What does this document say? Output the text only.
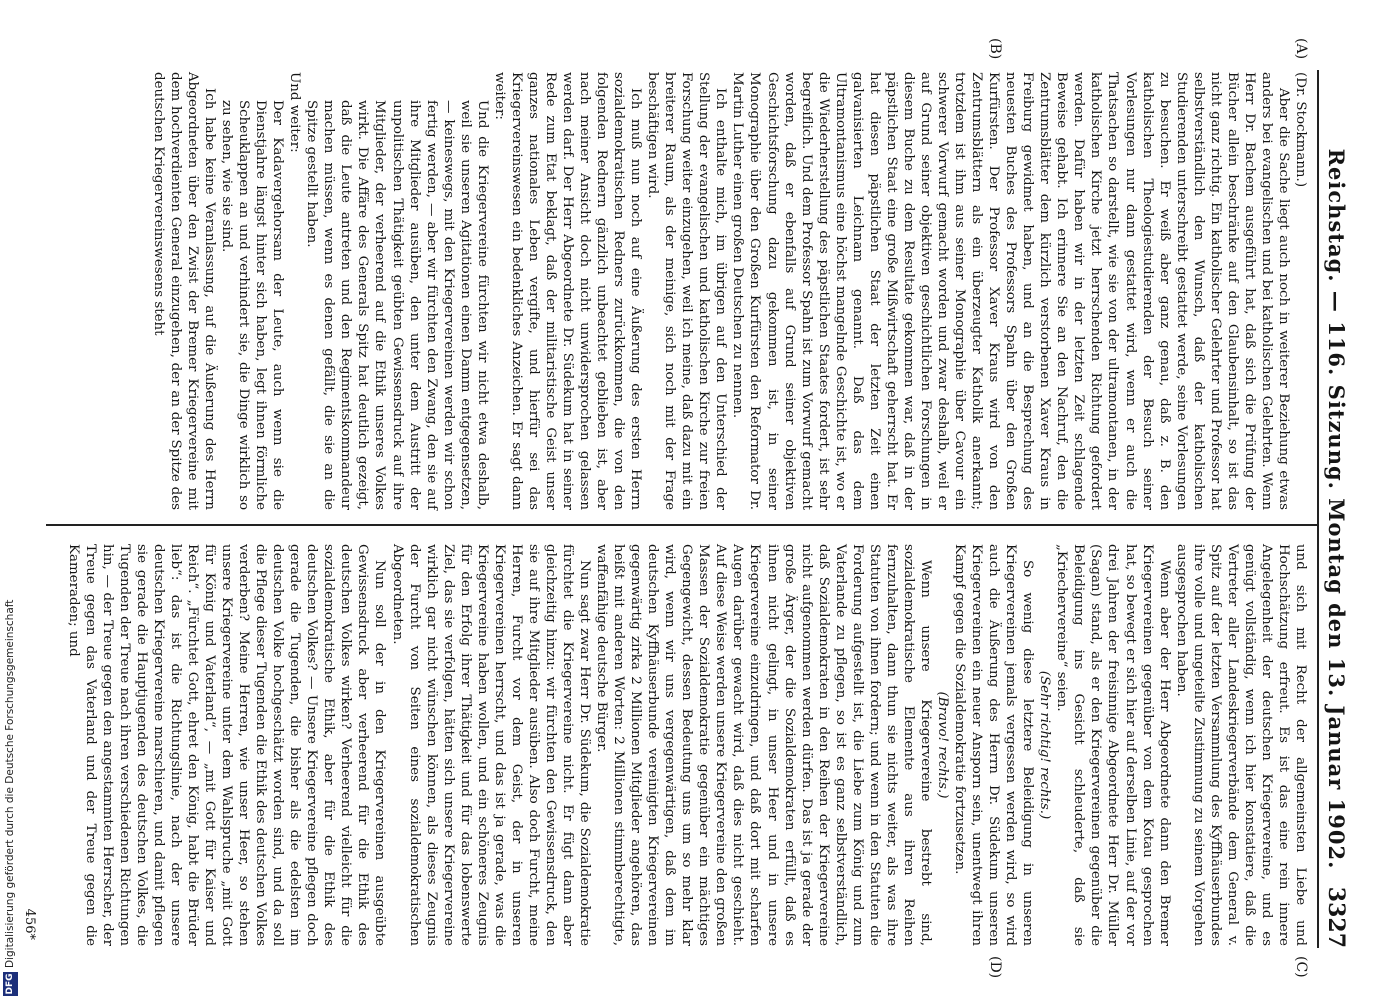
Reichstag. — 116. Sitzung. Montag den 13. Januar 1902.
3327
(A)
(B)
(C)
(D)

(Dr. Stockmann.)

Aber die Sache liegt auch noch in weiterer Beziehung etwas anders bei evangelischen und bei katholischen Gelehrten. Wenn Herr Dr. Bachem ausgeführt hat, daß sich die Prüfung der Bücher allein beschränke auf den Glaubensinhalt, so ist das nicht ganz richtig. Ein katholischer Gelehrter und Professor hat selbstverständlich den Wunsch, daß der katholischen Studierenden unterschreibt gestattet werde, seine Vorlesungen zu besuchen. Er weiß aber ganz genau, daß z. B. den katholischen Theologiestudierenden der Besuch seiner Vorlesungen nur dann gestattet wird, wenn er auch die Thatsachen so darstellt, wie sie von der ultramontanen, in der katholischen Kirche jetzt herrschenden Richtung gefordert werden. Dafür haben wir in der letzten Zeit schlagende Beweise gehabt. Ich erinnere Sie an den Nachruf, den die Zentrumsblätter dem kürzlich verstorbenen Xaver Kraus in Freiburg gewidmet haben, und an die Besprechung des neuesten Buches des Professors Spahn über den Großen Kurfürsten. Der Professor Xaver Kraus wird von den Zentrumsblättern als ein überzeugter Katholik anerkannt; trotzdem ist ihm aus seiner Monographie über Cavour ein schwerer Vorwurf gemacht worden und zwar deshalb, weil er auf Grund seiner objektiven geschichtlichen Forschungen in diesem Buche zu dem Resultate gekommen war, daß in der päpstlichen Staat eine große Mißwirtschaft geherrscht hat. Er hat diesen päpstlichen Staat der letzten Zeit einen galvanisierten Leichnam genannt. Daß das dem Ultramontanismus eine höchst mangelnde Geschichte ist, wo er die Wiederherstellung des päpstlichen Staates fordert, ist sehr begreiflich. Und dem Professor Spahn ist zum Vorwurf gemacht worden, daß er ebenfalls auf Grund seiner objektiven Geschichtsforschung dazu gekommen ist, in seiner Monographie über den Großen Kurfürsten den Reformator Dr. Martin Luther einen großen Deutschen zu nennen.

Ich enthalte mich, im übrigen auf den Unterschied der Stellung der evangelischen und katholischen Kirche zur freien Forschung weiter einzugehen, weil ich meine, daß dazu mit ein breiterer Raum, als der meinige, sich noch mit der Frage beschäftigen wird.

Ich muß nun noch auf eine Äußerung des ersten Herrn sozialdemokratischen Redners zurückkommen, die von den folgenden Rednern gänzlich unbeachtet geblieben ist, aber nach meiner Ansicht doch nicht unwidersprochen gelassen werden darf. Der Herr Abgeordnete Dr. Südekum hat in seiner Rede zum Etat beklagt, daß der militaristische Geist unser ganzes nationales Leben vergifte, und hierfür sei das Kriegervereinswesen ein bedenkliches Anzeichen. Er sagt dann weiter:

Und die Kriegervereine fürchten wir nicht etwa deshalb, weil sie unseren Agitationen einen Damm entgegensetzen, — keineswegs, mit den Kriegervereinen werden wir schon fertig werden, — aber wir fürchten den Zwang, den sie auf ihre Mitglieder ausüben, den unter dem Austritt der unpolitischen Thätigkeit geübten Gewissensdruck auf ihre Mitglieder, der verheerend auf die Ethik unseres Volkes wirkt. Die Affäre des Generals Spitz hat deutlich gezeigt, daß die Leute antreten und den Regimentskommandeur machen müssen, wenn es denen gefällt, die sie an die Spitze gestellt haben.

Und weiter:

Der Kadavergehorsam der Leute, auch wenn sie die Dienstjahre längst hinter sich haben, legt ihnen förmliche Scheuklappen an und verhindert sie, die Dinge wirklich so zu sehen, wie sie sind.

Ich habe keine Veranlassung, auf die Äußerung des Herrn Abgeordneten über den Zwist der Bremer Kriegervereine mit dem hochverdienten General einzugehen, der an der Spitze des deutschen Kriegervereinswesens steht

und sich mit Recht der allgemeinsten Liebe und Hochschätzung erfreut. Es ist das eine rein innere Angelegenheit der deutschen Kriegervereine, und es genügt vollständig, wenn ich hier konstatiere, daß die Vertreter aller Landeskriegerverbände dem General v. Spitz auf der letzten Versammlung des Kyffhäuserbundes ihre volle und ungeteilte Zustimmung zu seinem Vorgehen ausgesprochen haben.

Wenn aber der Herr Abgeordnete dann den Bremer Kriegervereinen gegenüber von dem Kotau gesprochen hat, so bewegt er sich hier auf derselben Linie, auf der vor drei Jahren der freisinnige Abgeordnete Herr Dr. Müller (Sagan) stand, als er den Kriegervereinen gegenüber die Beleidigung ins Gesicht schleuderte, daß sie „Kriechervereine“ seien.

(Sehr richtig! rechts.)

So wenig diese letztere Beleidigung in unseren Kriegervereinen jemals vergessen werden wird, so wird auch die Äußerung des Herrn Dr. Südekum unseren Kriegervereinen ein neuer Ansporn sein, unentwegt ihren Kampf gegen die Sozialdemokratie fortzusetzen.

(Bravo! rechts.)

Wenn unsere Kriegervereine bestrebt sind, sozialdemokratische Elemente aus ihren Reihen fernzuhalten, dann thun sie nichts weiter, als was ihre Statuten von ihnen fordern; und wenn in den Statuten die Forderung aufgestellt ist, die Liebe zum König und zum Vaterlande zu pflegen, so ist es ganz selbstverständlich, daß Sozialdemokraten in den Reihen der Kriegervereine nicht aufgenommen werden dürfen. Das ist ja gerade der große Ärger, der die Sozialdemokraten erfüllt, daß es ihnen nicht gelingt, in unser Heer und in unsere Kriegervereine einzudringen, und daß dort mit scharfen Augen darüber gewacht wird, daß dies nicht geschieht. Auf diese Weise werden unsere Kriegervereine den großen Massen der Sozialdemokratie gegenüber ein mächtiges Gegengewicht, dessen Bedeutung uns um so mehr klar wird, wenn wir uns vergegenwärtigen, daß dem im deutschen Kyffhäuserbunde vereinigten Kriegervereinen gegenwärtig zirka 2 Millionen Mitglieder angehören, das heißt mit anderen Worten: 2 Millionen stimmberechtigte, waffenfähige deutsche Bürger.

Nun sagt zwar Herr Dr. Südekum, die Sozialdemokratie fürchtet die Kriegervereine nicht. Er fügt dann aber gleichzeitig hinzu: wir fürchten den Gewissensdruck, den sie auf ihre Mitglieder ausüben. Also doch Furcht, meine Herren, Furcht vor dem Geist, der in unseren Kriegervereinen herrscht, und das ist ja gerade, was die Kriegervereine haben wollen, und ein schöneres Zeugnis für den Erfolg ihrer Thätigkeit und für das lobenswerte Ziel, das sie verfolgen, hätten sich unsere Kriegervereine wirklich gar nicht wünschen können, als dieses Zeugnis der Furcht von Seiten eines sozialdemokratischen Abgeordneten.

Nun soll der in den Kriegervereinen ausgeübte Gewissensdruck aber verheerend für die Ethik des deutschen Volkes wirken? Verheerend vielleicht für die sozialdemokratische Ethik, aber für die Ethik des deutschen Volkes? — Unsere Kriegervereine pflegen doch gerade die Tugenden, die bisher als die edelsten im deutschen Volke hochgeschätzt worden sind, und da soll die Pflege dieser Tugenden die Ethik des deutschen Volkes verderben? Meine Herren, wie unser Heer, so stehen unsere Kriegervereine unter dem Wahlspruche „mit Gott für König und Vaterland“, — „mit Gott für Kaiser und Reich“. „Fürchtet Gott, ehret den König, habt die Brüder lieb“: das ist die Richtungslinie, nach der unsere deutschen Kriegervereine marschieren, und damit pflegen sie gerade die Hauptjugenden des deutschen Volkes, die Tugenden der Treue nach ihren verschiedenen Richtungen hin, — der Treue gegen den angestammten Herrscher, der Treue gegen das Vaterland und der Treue gegen die Kameraden; und

456*
Digitalisierung gefördert durch die Deutsche Forschungsgemeinschaft
DFG
